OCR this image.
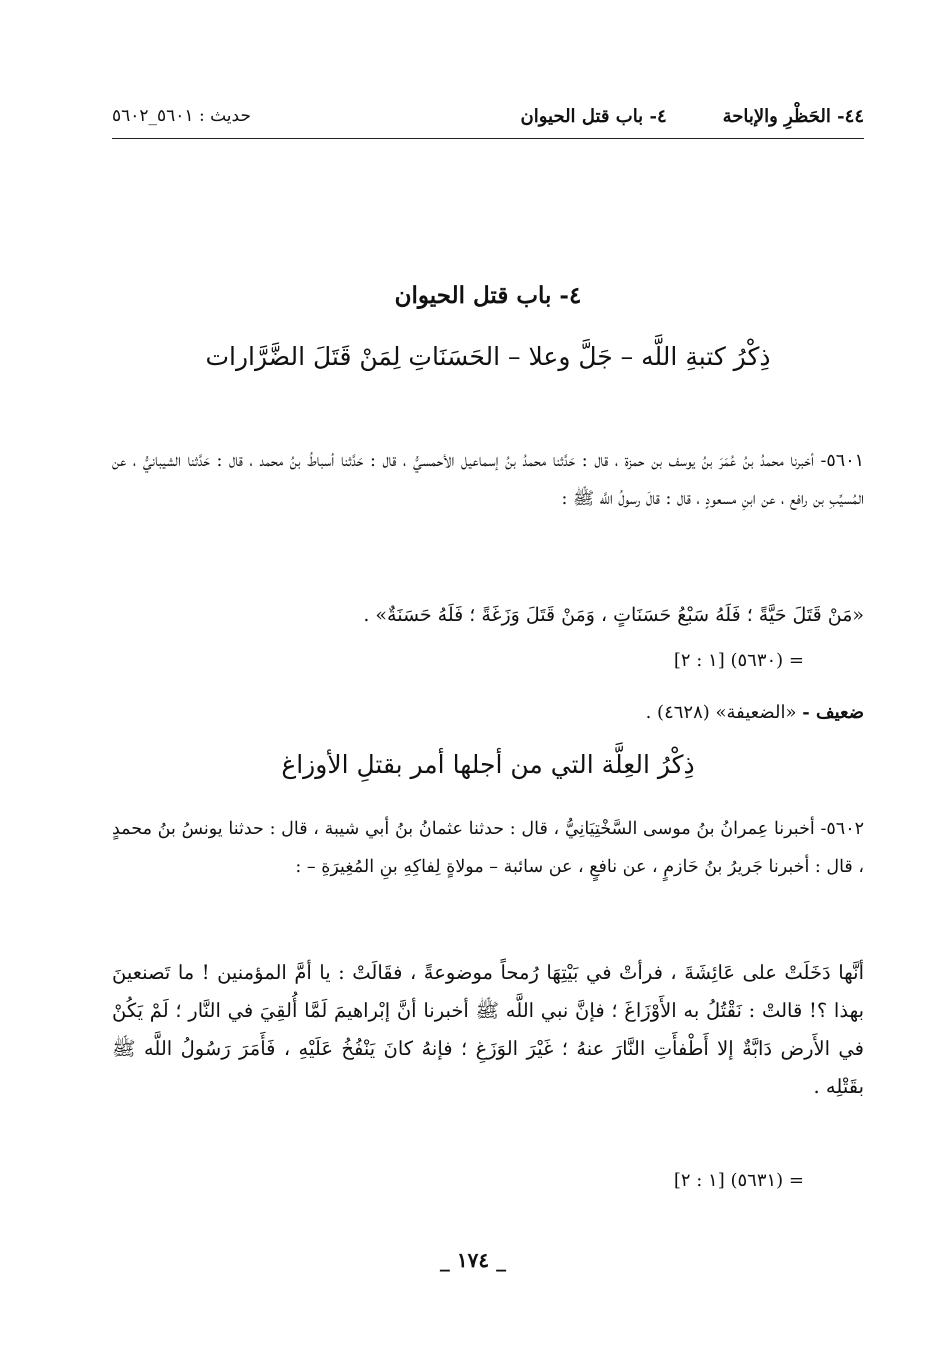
٤٤- الحَظْرِ والإباحة
٤- باب قتل الحيوان
حديث : ٥٦٠١_٥٦٠٢
٤- باب قتل الحيوان
ذِكْرُ كتبةِ اللَّه – جَلَّ وعلا – الحَسَنَاتِ لِمَنْ قَتَلَ الضَّرَّارات

٥٦٠١- أخبرنا محمدُ بنُ عُمَرَ بنُ يوسف بن حمزة ، قال : حَدَّثنا محمدُ بنُ إسماعيل الأحمسيُّ ، قال : حَدَّثنا أسباطُ بنُ محمد ، قال : حَدَّثنا الشيبانيُّ ، عن المُسيِّبِ بن رافع ، عن ابنِ مسعودٍ ، قال : قالَ رسولُ اللَّه ﷺ :

«مَنْ قَتَلَ حَيَّةً ؛ فَلَهُ سَبْعُ حَسَنَاتٍ ، وَمَنْ قَتَلَ وَزَغَةً ؛ فَلَهُ حَسَنَةٌ» .

= (٥٦٣٠) [١ : ٢]
ضعيف - «الضعيفة» (٤٦٢٨) .
ذِكْرُ العِلَّة التي من أجلها أمر بقتلِ الأوزاغ

٥٦٠٢- أخبرنا عِمرانُ بنُ موسى السَّخْتِيَانِيُّ ، قال : حدثنا عثمانُ بنُ أبي شيبة ، قال : حدثنا يونسُ بنُ محمدٍ ، قال : أخبرنا جَريرُ بنُ حَازمٍ ، عن نافعٍ ، عن سائبة – مولاةٍ لِفاكِهِ بنِ المُغِيرَةِ – :

أنَّها دَخَلَتْ على عَائِشَةَ ، فرأتْ في بَيْتِهَا رُمحاً موضوعةً ، فقَالَتْ : يا أمَّ المؤمنين ! ما تَصنعينَ بهذا ؟! قالتْ : نَقْتُلُ به الأَوْزَاغَ ؛ فإنَّ نبي اللَّه ﷺ أخبرنا أنَّ إبْراهيمَ لَمَّا أُلقِيَ في النَّار ؛ لَمْ يَكُنْ في الأَرض دَابَّةٌ إلا أَطْفأَتِ النَّارَ عنهُ ؛ غَيْرَ الوَزَغِ ؛ فإنهُ كانَ يَنْفُخُ عَلَيْهِ ، فَأَمَرَ رَسُولُ اللَّه ﷺ بقَتْلِه .

= (٥٦٣١) [١ : ٢]
_ ١٧٤ _
